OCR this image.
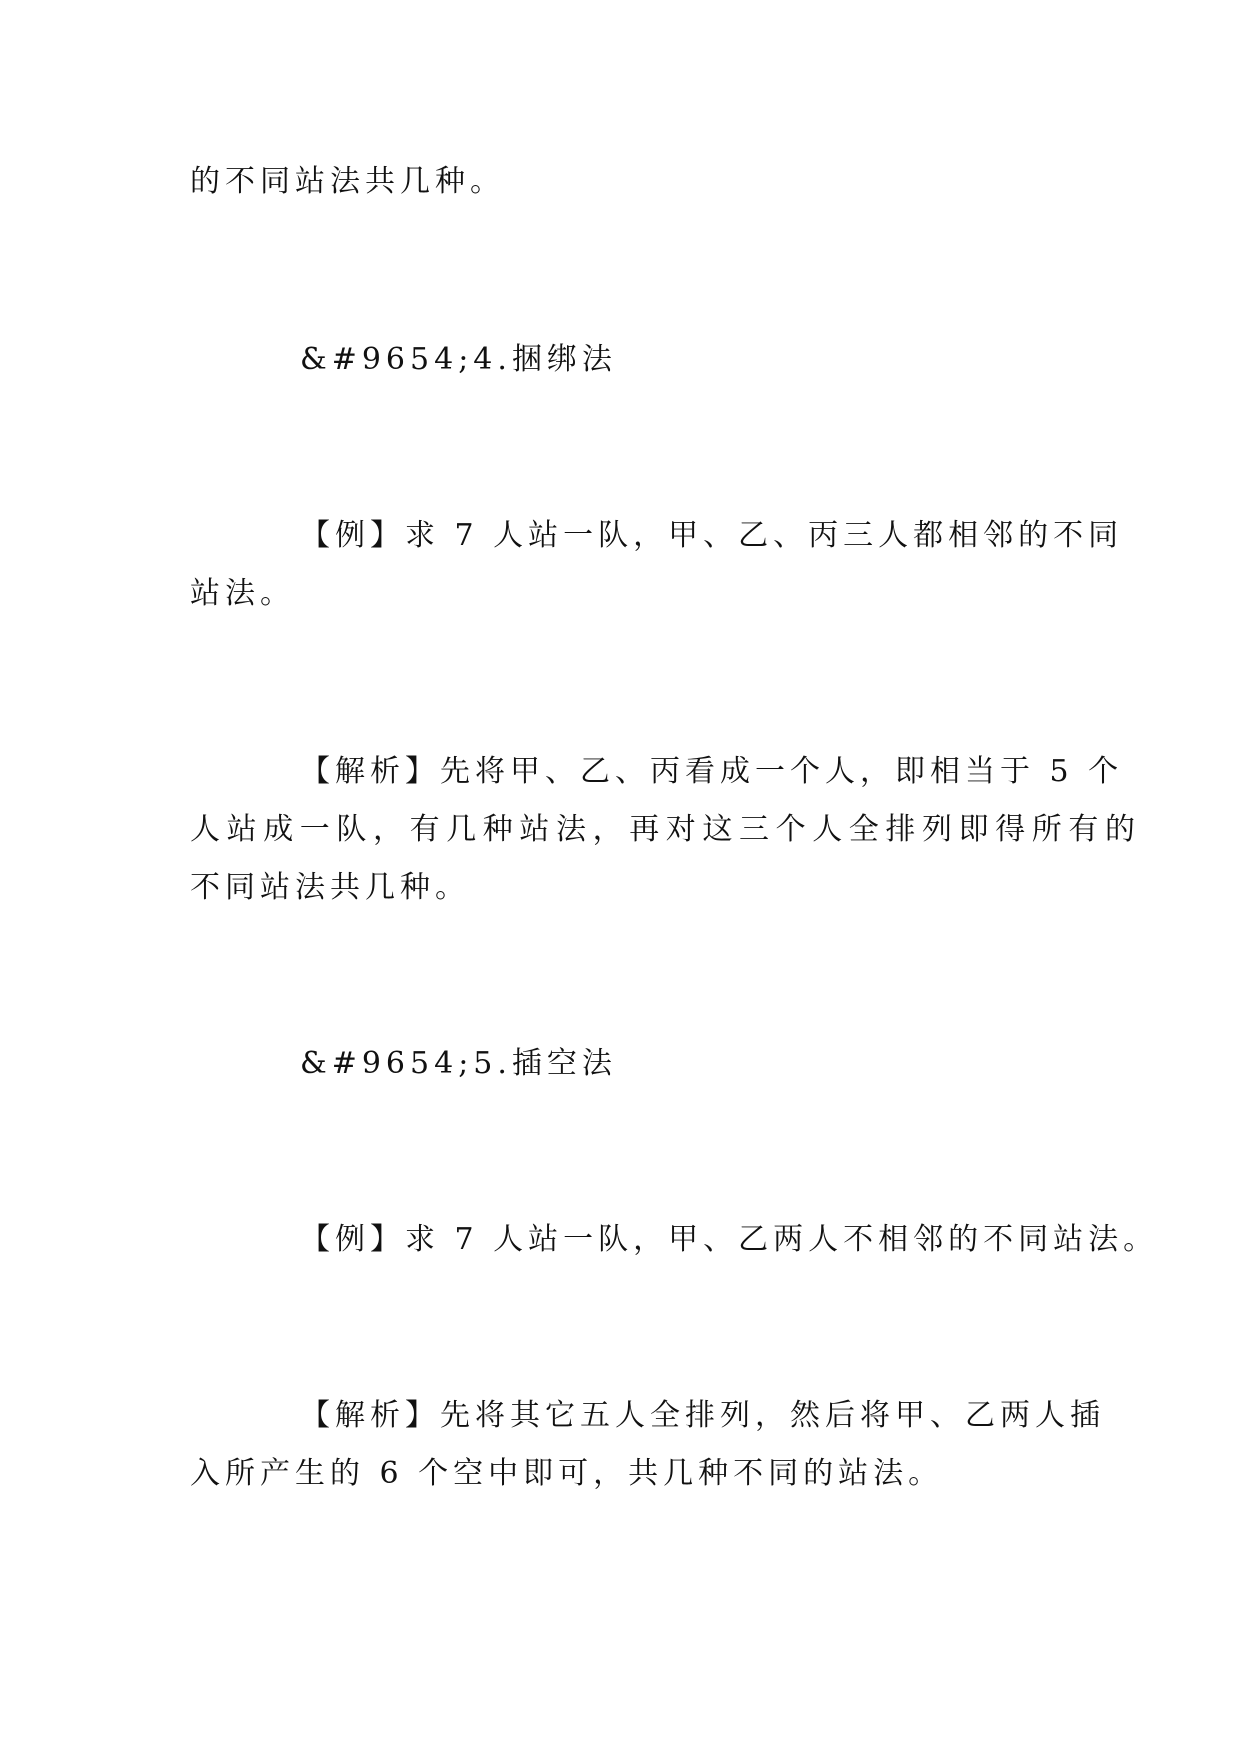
的不同站法共几种。

&#9654;4.捆绑法

【例】求 7 人站一队，甲、乙、丙三人都相邻的不同

站法。

【解析】先将甲、乙、丙看成一个人，即相当于 5 个

人站成一队，有几种站法，再对这三个人全排列即得所有的

不同站法共几种。

&#9654;5.插空法

【例】求 7 人站一队，甲、乙两人不相邻的不同站法。

【解析】先将其它五人全排列，然后将甲、乙两人插

入所产生的 6 个空中即可，共几种不同的站法。
